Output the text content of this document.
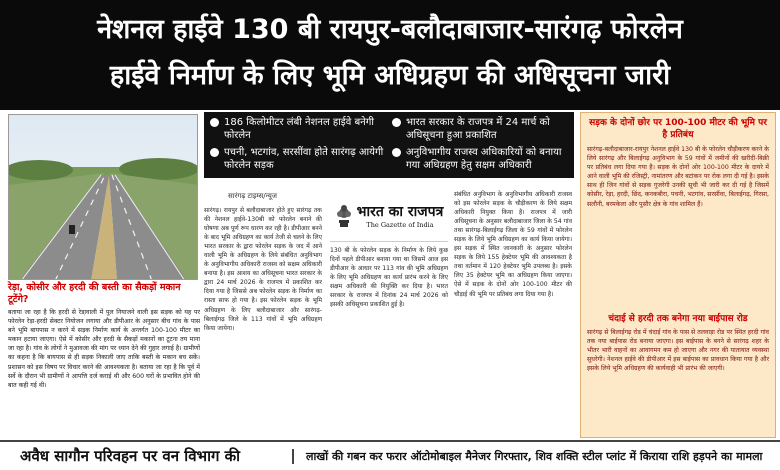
नेशनल हाईवे 130 बी रायपुर-बलौदाबाजार-सारंगढ़ फोरलेन
हाईवे निर्माण के लिए भूमि अधिग्रहण की अधिसूचना जारी
रेड़ा, कोसीर और हरदी की बस्ती का सैकड़ों मकान टूटेंगे?
बताया जा रहा है कि हरदी से रेडा़वाली में पुल नियाजने वाली इस सड़क को यह पर फोरलेन रेड़ा-हरदी सेक्टर नियोजन लगाया और डीपीआर के अनुसार बीच गांव के पास बने भूमि बायपास न करने में सड़क निर्माण कार्य के अन्तर्गत 100-100 मीटर का मकान हटाया जाएगा। ऐसे में कोसीर और हरदी के सैकड़ों मकानों का टूटना तय माना जा रहा है। गांव के लोगों ने मुआवजा की मांग पर ध्यान देने की गुहार लगाई है। ग्रामीणों का कहना है कि बायपास से ही सड़क निकाली जाए ताकि बस्ती के मकान बच सकें। प्रशासन को इस विषय पर विचार करने की आवश्यकता है। बताया जा रहा है कि पूर्व में सर्वे के दौरान भी ग्रामीणों ने आपत्ति दर्ज कराई थी और 600 घरों के प्रभावित होने की बात कही गई थी।
186 किलोमीटर लंबी नेशनल हाईवे बनेगी फोरलेन
भारत सरकार के राजपत्र में 24 मार्च को अधिसूचना हुआ प्रकाशित
पचनी, भटगांव, सरसींवा होते सारंगढ़ आयेगी फोरलेन सड़क
अनुविभागीय राजस्व अधिकारियों को बनाया गया अधिग्रहण हेतु सक्षम अधिकारी
सारंगढ़ टाइम्स/न्यूज
सारंगढ़। रायपुर से बलौदाबाजार होते हुए सारंगढ़ तक की नेशनल हाईवे-130बी को फोरलेन बनाने की घोषणा अब पूर्ण रूप धारण कर रही है। डीपीआर बनने के बाद भूमि अधिग्रहण का कार्य तेजी से चलने के लिए भारत सरकार के द्वारा फोरलेन सड़क के जद में आने वाली भूमि के अधिग्रहण के लिये संबंधित अनुविभाग के अनुविभागीय अधिकारी राजस्व को सक्षम अधिकारी बनाया है। इस आशय का अधिसूचना भारत सरकार के द्वारा 24 मार्च 2026 के राजपत्र में प्रकाशित कर दिया गया है जिससे अब फोरलेन सड़क के निर्माण का रास्ता साफ हो गया है। इस फोरलेन सड़क के भूमि अधिग्रहण के लिए बलौदाबाजार और सारंगढ़-बिलाईगढ़ जिले के 113 गांवों में भूमि अधिग्रहण किया जायेगा।
भारत का राजपत्र
The Gazette of India
130 बी के फोरलेन सड़क के निर्माण के लिये कुछ दिनों पहले डीपीआर बनाया गया था जिसमें आज इस डीपीआर के आधार पर 113 गांव की भूमि अधिग्रहण के लिए भूमि अधिग्रहण का कार्य प्रारंभ करने के लिए सक्षम अधिकारी की नियुक्ति कर दिया है। भारत सरकार के राजपत्र में दिनांक 24 मार्च 2026 को इसकी अधिसूचना प्रकाशित हुई है।
संबंधित अनुविभाग के अनुविभागीय अधिकारी राजस्व को इस फोरलेन सड़क के चौड़ीकरण के लिये सक्षम अधिकारी नियुक्त किया है। राजपत्र में जारी अधिसूचना के अनुसार बलौदाबाजार जिला के 54 गांव तथा सारंगढ़-बिलाईगढ़ जिला के 59 गांवों में फोरलेन सड़क के लिये भूमि अधिग्रहण का कार्य किया जायेगा। इस सड़क में स्थित जानकारी के अनुसार फोरलेन सड़क के लिये 155 हेक्टेयर भूमि की आवश्यकता है तथा वर्तमान में 120 हेक्टेयर भूमि उपलब्ध है। इसके लिए 35 हेक्टेयर भूमि का अधिग्रहण किया जाएगा। ऐसे में सड़क के दोनों ओर 100-100 मीटर की चौड़ाई की भूमि पर प्रतिबंध लगा दिया गया है।
सड़क के दोनों छोर पर 100-100 मीटर की भूमि पर है प्रतिबंध
सारंगढ़-बलौदाबाजार-रायपुर नेशनल हाईवे 130 बी के फोरलेन चौड़ीकरण करने के लिये सारंगढ़ और बिलाईगढ़ अनुविभाग के 59 गांवों में जमीनों की खरीदी-बिक्री पर प्रतिबंध लगा दिया गया है। सड़क के दोनों ओर 100-100 मीटर के दायरे में आने वाली भूमि की रजिस्ट्री, नामांतरण और बटांकन पर रोक लगा दी गई है। इसके साथ ही जिन गांवों से सड़क गुजरेगी उनकी सूची भी जारी कर दी गई है जिसमें कोसीर, रेड़ा, हरदी, छिंद, कनकबीरा, पचनी, भटगांव, सरसींवा, बिलाईगढ़, गिरसा, सलौनी, बरमकेला और पुसौर क्षेत्र के गांव शामिल हैं।
चंदाई से हरदी तक बनेगा नया बाईपास रोड
सारंगढ़ से बिलाईगढ़ रोड में चंदाई गांव के पास से तलवाड़ा रोड पर स्थित हरदी गांव तक नया बाईपास रोड बनाया जाएगा। इस बाईपास के बनने से सारंगढ़ शहर के भीतर भारी वाहनों का आवागमन कम हो जाएगा और नगर की यातायात व्यवस्था सुधरेगी। नेशनल हाईवे की डीपीआर में इस बाईपास का प्रावधान किया गया है और इसके लिये भूमि अधिग्रहण की कार्यवाही भी प्रारंभ की जाएगी।
अवैध सागौन परिवहन पर वन विभाग की	लाखों की गबन कर फरार ऑटोमोबाइल मैनेजर गिरफ्तार, शिव शक्ति स्टील प्लांट में किराया राशि हड़पने का मामला
